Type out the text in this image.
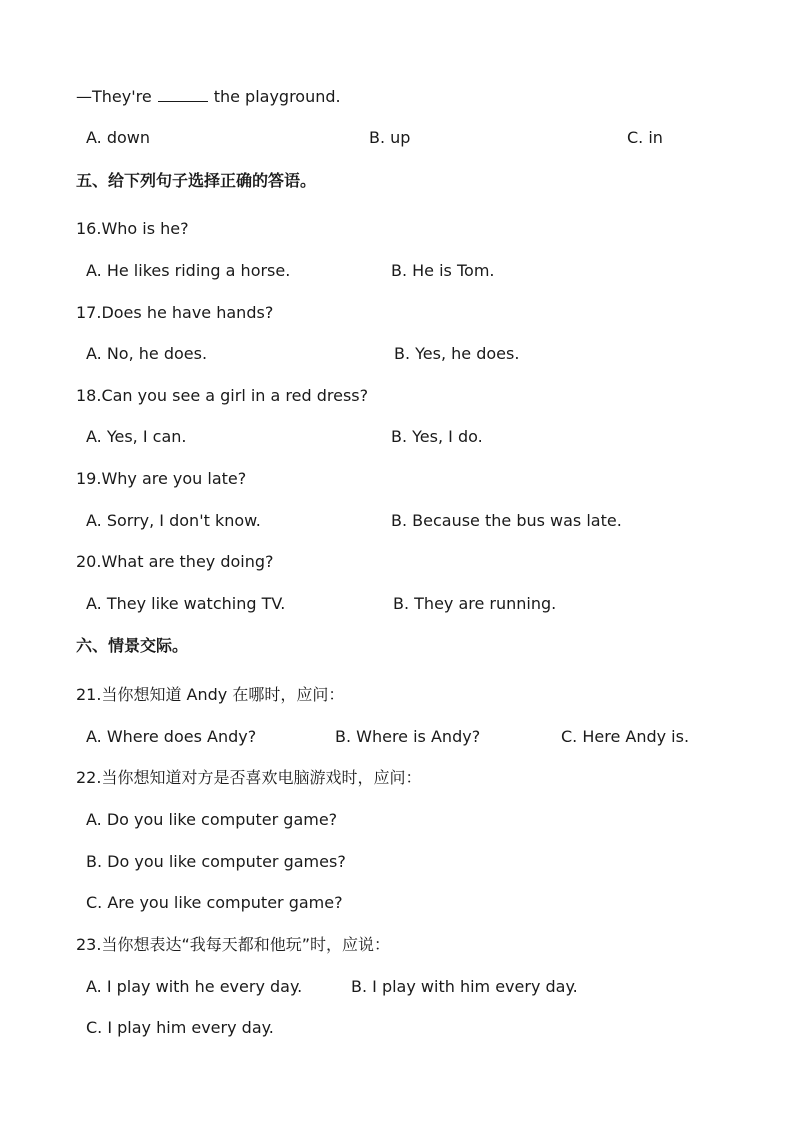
—They're	the playground.
A. down	B. up	C. in
五、给下列句子选择正确的答语。
16.Who is he?
A. He likes riding a horse.	B. He is Tom.
17.Does he have hands?
A. No, he does.	B. Yes, he does.
18.Can you see a girl in a red dress?
A. Yes, I can.	B. Yes, I do.
19.Why are you late?
A. Sorry, I don't know.	B. Because the bus was late.
20.What are they doing?
A. They like watching TV.	B. They are running.
六、情景交际。
21.当你想知道 Andy 在哪时，应问：
A. Where does Andy?	B. Where is Andy?	C. Here Andy is.
22.当你想知道对方是否喜欢电脑游戏时，应问：
A. Do you like computer game?
B. Do you like computer games?
C. Are you like computer game?
23.当你想表达“我每天都和他玩”时，应说：
A. I play with he every day.	B. I play with him every day.
C. I play him every day.
